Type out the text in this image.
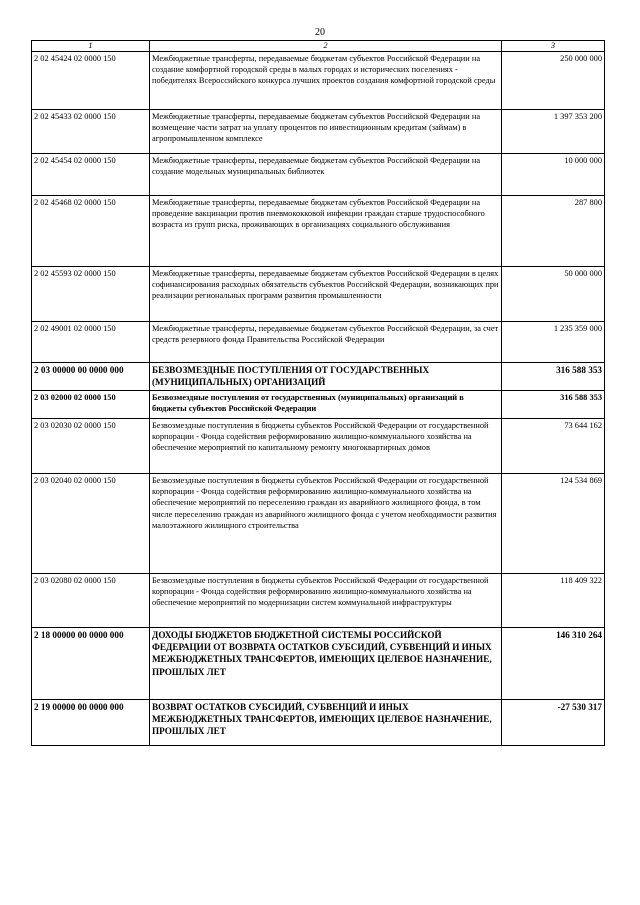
20
1	2	3
2 02 45424 02 0000 150	Межбюджетные трансферты, передаваемые бюджетам субъектов Российской Федерации на создание комфортной городской среды в малых городах и исторических поселениях - победителях Всероссийского конкурса лучших проектов создания комфортной городской среды	250 000 000
2 02 45433 02 0000 150	Межбюджетные трансферты, передаваемые бюджетам субъектов Российской Федерации на возмещение части затрат на уплату процентов по инвестиционным кредитам (займам) в агропромышленном комплексе	1 397 353 200
2 02 45454 02 0000 150	Межбюджетные трансферты, передаваемые бюджетам субъектов Российской Федерации на создание модельных муниципальных библиотек	10 000 000
2 02 45468 02 0000 150	Межбюджетные трансферты, передаваемые бюджетам субъектов Российской Федерации на проведение вакцинации против пневмококковой инфекции граждан старше трудоспособного возраста из групп риска, проживающих в организациях социального обслуживания	287 800
2 02 45593 02 0000 150	Межбюджетные трансферты, передаваемые бюджетам субъектов Российской Федерации в целях софинансирования расходных обязательств субъектов Российской Федерации, возникающих при реализации региональных программ развития промышленности	50 000 000
2 02 49001 02 0000 150	Межбюджетные трансферты, передаваемые бюджетам субъектов Российской Федерации, за счет средств резервного фонда Правительства Российской Федерации	1 235 359 000
2 03 00000 00 0000 000	БЕЗВОЗМЕЗДНЫЕ ПОСТУПЛЕНИЯ ОТ ГОСУДАРСТВЕННЫХ (МУНИЦИПАЛЬНЫХ) ОРГАНИЗАЦИЙ	316 588 353
2 03 02000 02 0000 150	Безвозмездные поступления от государственных (муниципальных) организаций в бюджеты субъектов Российской Федерации	316 588 353
2 03 02030 02 0000 150	Безвозмездные поступления в бюджеты субъектов Российской Федерации от государственной корпорации - Фонда содействия реформированию жилищно-коммунального хозяйства на обеспечение мероприятий по капитальному ремонту многоквартирных домов	73 644 162
2 03 02040 02 0000 150	Безвозмездные поступления в бюджеты субъектов Российской Федерации от государственной корпорации - Фонда содействия реформированию жилищно-коммунального хозяйства на обеспечение мероприятий по переселению граждан из аварийного жилищного фонда, в том числе переселению граждан из аварийного жилищного фонда с учетом необходимости развития малоэтажного жилищного строительства	124 534 869
2 03 02080 02 0000 150	Безвозмездные поступления в бюджеты субъектов Российской Федерации от государственной корпорации - Фонда содействия реформированию жилищно-коммунального хозяйства на обеспечение мероприятий по модернизации систем коммунальной инфраструктуры	118 409 322
2 18 00000 00 0000 000	ДОХОДЫ БЮДЖЕТОВ БЮДЖЕТНОЙ СИСТЕМЫ РОССИЙСКОЙ ФЕДЕРАЦИИ ОТ ВОЗВРАТА ОСТАТКОВ СУБСИДИЙ, СУБВЕНЦИЙ И ИНЫХ МЕЖБЮДЖЕТНЫХ ТРАНСФЕРТОВ, ИМЕЮЩИХ ЦЕЛЕВОЕ НАЗНАЧЕНИЕ, ПРОШЛЫХ ЛЕТ	146 310 264
2 19 00000 00 0000 000	ВОЗВРАТ ОСТАТКОВ СУБСИДИЙ, СУБВЕНЦИЙ И ИНЫХ МЕЖБЮДЖЕТНЫХ ТРАНСФЕРТОВ, ИМЕЮЩИХ ЦЕЛЕВОЕ НАЗНАЧЕНИЕ, ПРОШЛЫХ ЛЕТ	-27 530 317
